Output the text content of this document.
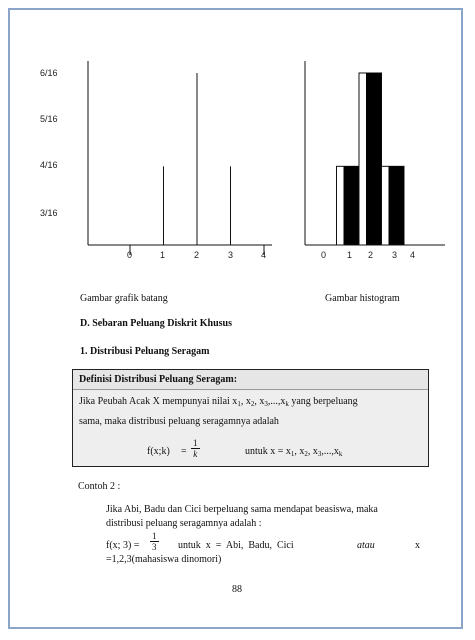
6/16
5/16
4/16
3/16
0	1	2	3	4	0 1 2 3 4
Gambar grafik batang	Gambar histogram
D. Sebaran Peluang Diskrit Khusus
1. Distribusi Peluang Seragam
Definisi Distribusi Peluang Seragam:
Jika Peubah Acak X mempunyai nilai $x_1$, $x_2$, $x_3,...,x_k$ yang berpeluang
sama, maka distribusi peluang seragamnya adalah
f(x;k) = $\frac{1}{k}$	untuk $x = x_1$, $x_2$, $x_3,...,x_k$
Contoh 2 :
Jika Abi, Badu dan Cici berpeluang sama mendapat beasiswa, maka
distribusi peluang seragamnya adalah :
f(x; $3) = \frac{1}{3}$ untuk  x  =  Abi,  Badu,  Cici	atau	x
=1,2,3(mahasiswa dinomori)
88
